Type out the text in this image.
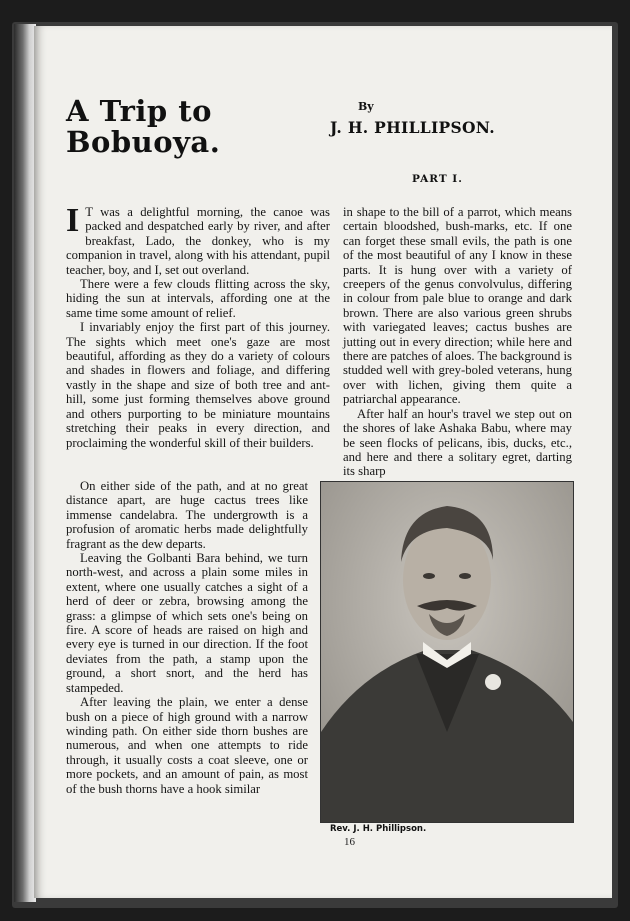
A Trip to Bobuoya.
By
J. H. PHILLIPSON.
PART I.

I T was a delightful morning, the canoe was packed and despatched early by river, and after breakfast, Lado, the donkey, who is my companion in travel, along with his attendant, pupil teacher, boy, and I, set out overland.

There were a few clouds flitting across the sky, hiding the sun at intervals, affording one at the same time some amount of relief.

I invariably enjoy the first part of this journey. The sights which meet one's gaze are most beautiful, affording as they do a variety of colours and shades in flowers and foliage, and differing vastly in the shape and size of both tree and ant-hill, some just forming themselves above ground and others purporting to be miniature mountains stretching their peaks in every direction, and proclaiming the wonderful skill of their builders.

On either side of the path, and at no great distance apart, are huge cactus trees like immense candelabra. The undergrowth is a profusion of aromatic herbs made delightfully fragrant as the dew departs.

Leaving the Golbanti Bara behind, we turn north-west, and across a plain some miles in extent, where one usually catches a sight of a herd of deer or zebra, browsing among the grass: a glimpse of which sets one's being on fire. A score of heads are raised on high and every eye is turned in our direction. If the foot deviates from the path, a stamp upon the ground, a short snort, and the herd has stampeded.

After leaving the plain, we enter a dense bush on a piece of high ground with a narrow winding path. On either side thorn bushes are numerous, and when one attempts to ride through, it usually costs a coat sleeve, one or more pockets, and an amount of pain, as most of the bush thorns have a hook similar

in shape to the bill of a parrot, which means certain bloodshed, bush-marks, etc. If one can forget these small evils, the path is one of the most beautiful of any I know in these parts. It is hung over with a variety of creepers of the genus convolvulus, differing in colour from pale blue to orange and dark brown. There are also various green shrubs with variegated leaves; cactus bushes are jutting out in every direction; while here and there are patches of aloes. The background is studded well with grey-boled veterans, hung over with lichen, giving them quite a patriarchal appearance.

After half an hour's travel we step out on the shores of lake Ashaka Babu, where may be seen flocks of pelicans, ibis, ducks, etc., and here and there a solitary egret, darting its sharp

Rev. J. H. Phillipson.
16
